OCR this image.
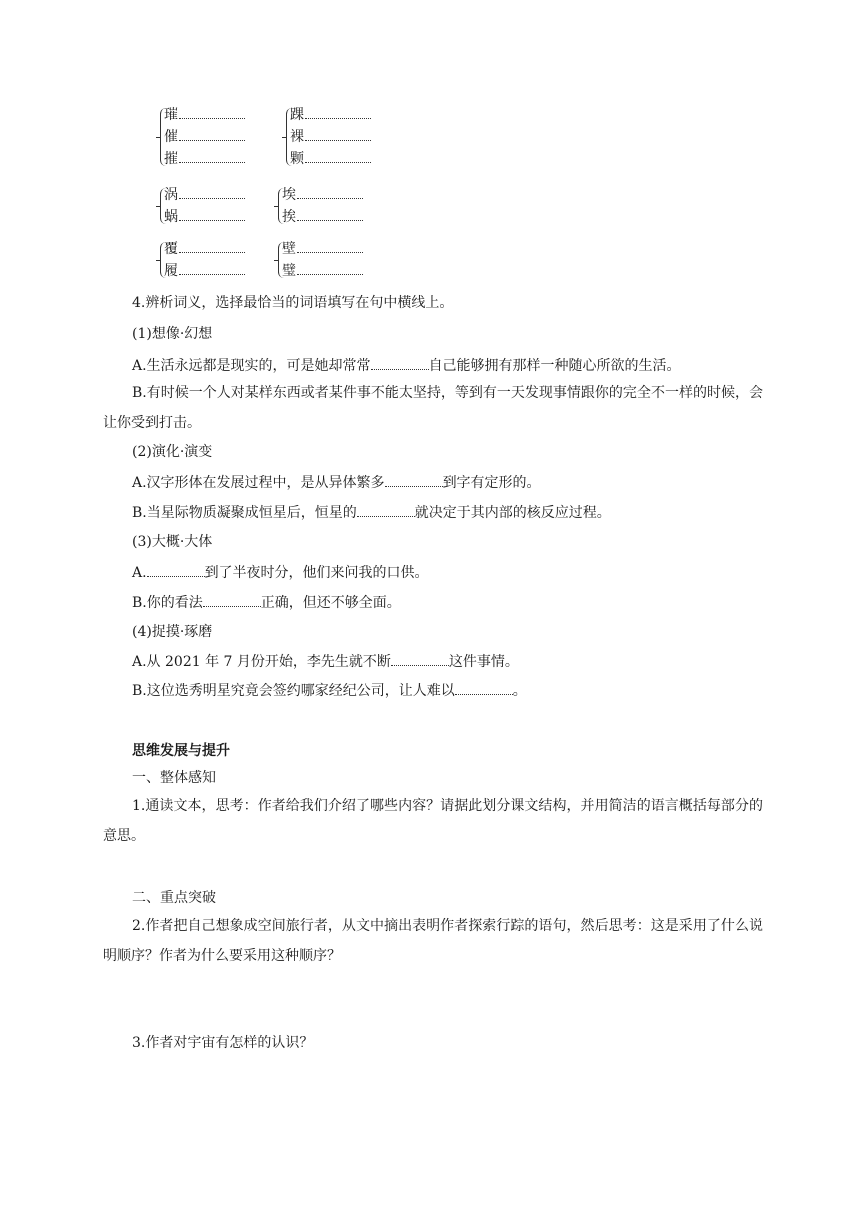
璀
催
摧
踝
裸
颗
涡
蜗
埃
挨
覆
履
壁
璧
4.辨析词义，选择最恰当的词语填写在句中横线上。
(1)想像·幻想
A.生活永远都是现实的，可是她却常常	自己能够拥有那样一种随心所欲的生活。
B.有时候一个人对某样东西或者某件事不能太坚持，等到有一天发现事情跟你的完全不一样的时候，会让你受到打击。
(2)演化·演变
A.汉字形体在发展过程中，是从异体繁多	到字有定形的。
B.当星际物质凝聚成恒星后，恒星的	就决定于其内部的核反应过程。
(3)大概·大体
A.	到了半夜时分，他们来问我的口供。
B.你的看法	正确，但还不够全面。
(4)捉摸·琢磨
A.从 2021 年 7 月份开始，李先生就不断	这件事情。
B.这位选秀明星究竟会签约哪家经纪公司，让人难以	。
思维发展与提升
一、整体感知
1.通读文本，思考：作者给我们介绍了哪些内容？请据此划分课文结构，并用简洁的语言概括每部分的意思。
二、重点突破
2.作者把自己想象成空间旅行者，从文中摘出表明作者探索行踪的语句，然后思考：这是采用了什么说明顺序？作者为什么要采用这种顺序？
3.作者对宇宙有怎样的认识？
